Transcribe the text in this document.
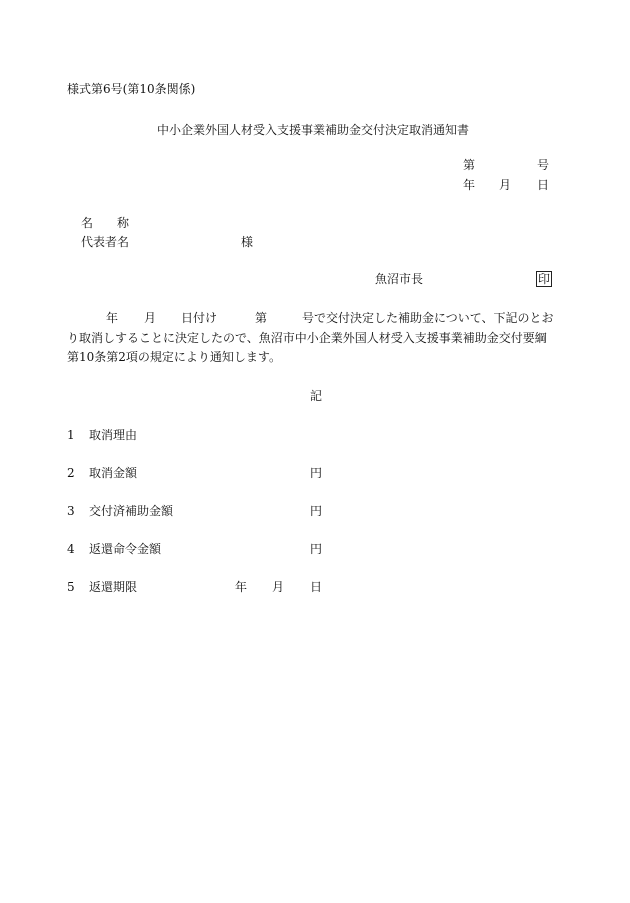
様式第6号(第10条関係)
中小企業外国人材受入支援事業補助金交付決定取消通知書
第	号
年 月 日
名　　称
代表者名	様
魚沼市長	印
年 月 日付け	第	号で交付決定した補助金について、下記のとお
り取消しすることに決定したので、魚沼市中小企業外国人材受入支援事業補助金交付要綱
第10条第2項の規定により通知します。
記
1 取消理由
2 取消金額	円
3 交付済補助金額	円
4 返還命令金額	円
5 返還期限	年 月 日
